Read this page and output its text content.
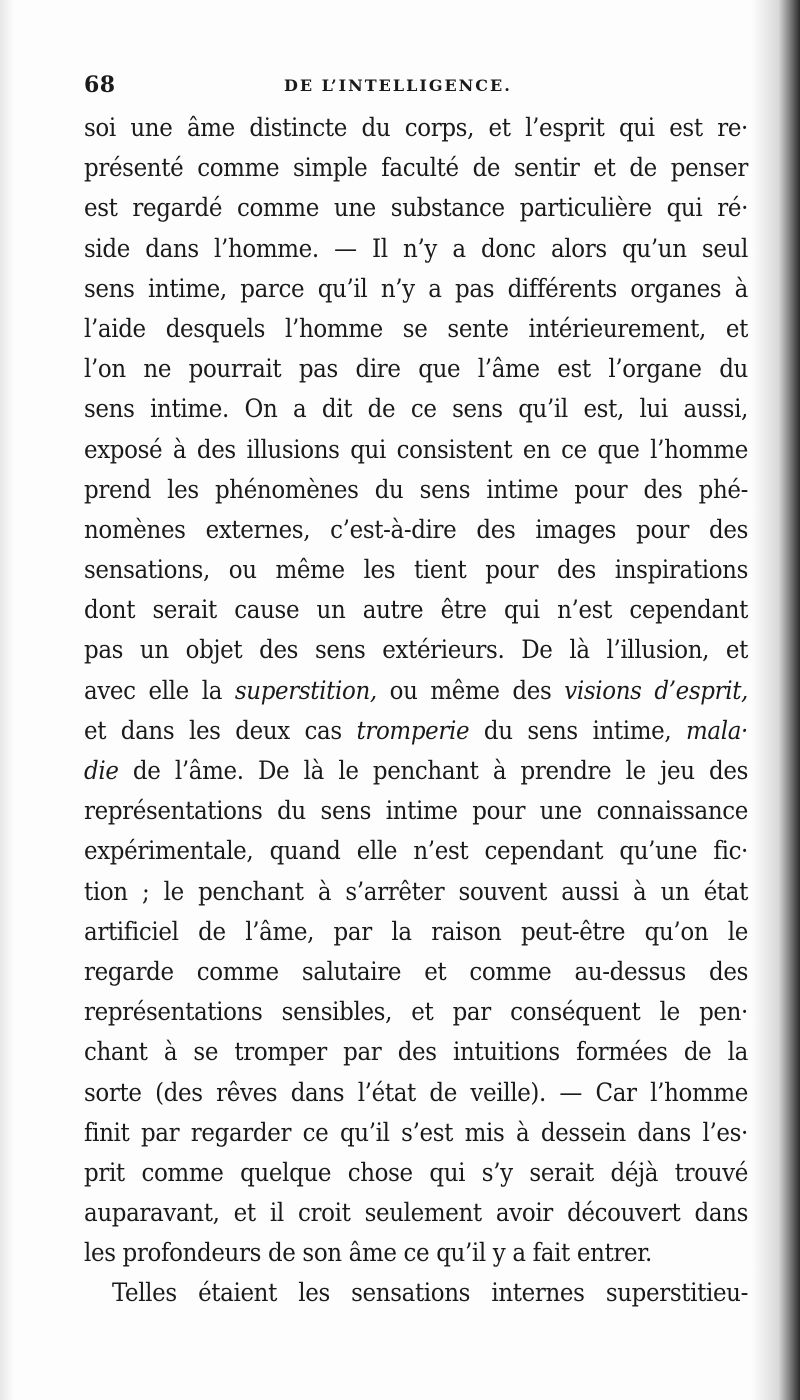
68	DE L’INTELLIGENCE.
soi une âme distincte du corps, et l’esprit qui est re·
présenté comme simple faculté de sentir et de penser
est regardé comme une substance particulière qui ré·
side dans l’homme. — Il n’y a donc alors qu’un seul
sens intime, parce qu’il n’y a pas différents organes à
l’aide desquels l’homme se sente intérieurement, et
l’on ne pourrait pas dire que l’âme est l’organe du
sens intime. On a dit de ce sens qu’il est, lui aussi,
exposé à des illusions qui consistent en ce que l’homme
prend les phénomènes du sens intime pour des phé-
nomènes externes, c’est-à-dire des images pour des
sensations, ou même les tient pour des inspirations
dont serait cause un autre être qui n’est cependant
pas un objet des sens extérieurs. De là l’illusion, et
avec elle la superstition, ou même des visions d’esprit,
et dans les deux cas tromperie du sens intime, mala·
die de l’âme. De là le penchant à prendre le jeu des
représentations du sens intime pour une connaissance
expérimentale, quand elle n’est cependant qu’une fic·
tion ; le penchant à s’arrêter souvent aussi à un état
artificiel de l’âme, par la raison peut-être qu’on le
regarde comme salutaire et comme au-dessus des
représentations sensibles, et par conséquent le pen·
chant à se tromper par des intuitions formées de la
sorte (des rêves dans l’état de veille). — Car l’homme
finit par regarder ce qu’il s’est mis à dessein dans l’es·
prit comme quelque chose qui s’y serait déjà trouvé
auparavant, et il croit seulement avoir découvert dans
les profondeurs de son âme ce qu’il y a fait entrer.
Telles étaient les sensations internes superstitieu-
